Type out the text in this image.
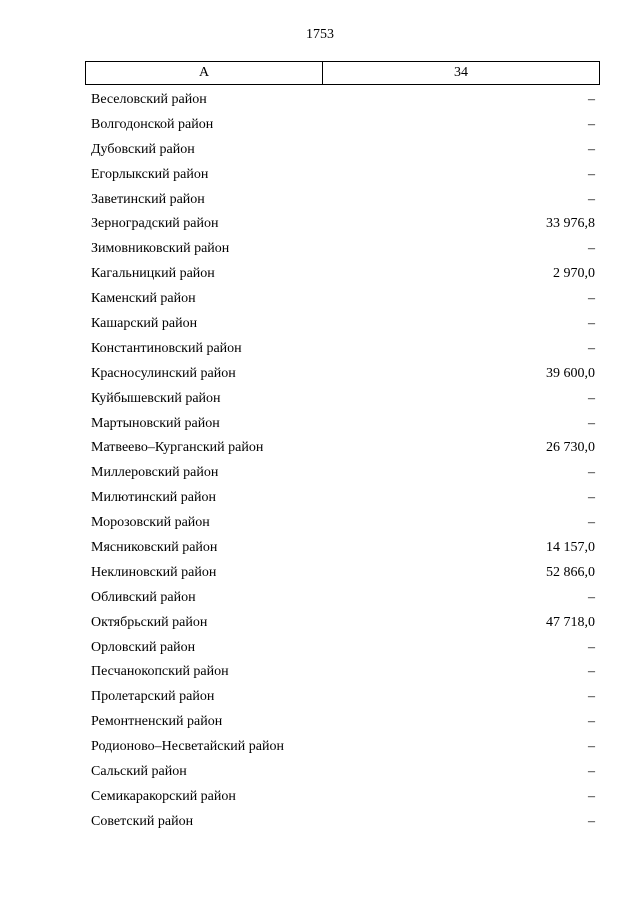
1753
А	34
Веселовский район	–
Волгодонской район	–
Дубовский район	–
Егорлыкский район	–
Заветинский район	–
Зерноградский район	33 976,8
Зимовниковский район	–
Кагальницкий район	2 970,0
Каменский район	–
Кашарский район	–
Константиновский район	–
Красносулинский район	39 600,0
Куйбышевский район	–
Мартыновский район	–
Матвеево–Курганский район	26 730,0
Миллеровский район	–
Милютинский район	–
Морозовский район	–
Мясниковский район	14 157,0
Неклиновский район	52 866,0
Обливский район	–
Октябрьский район	47 718,0
Орловский район	–
Песчанокопский район	–
Пролетарский район	–
Ремонтненский район	–
Родионово–Несветайский район	–
Сальский район	–
Семикаракорский район	–
Советский район	–
